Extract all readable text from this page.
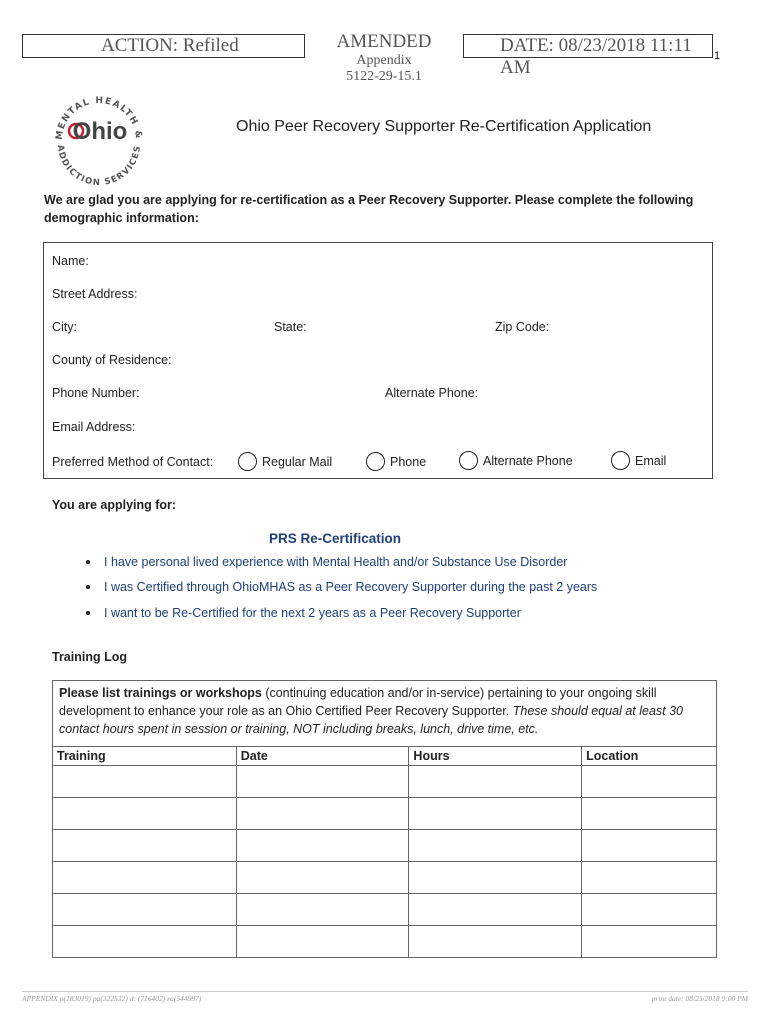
ACTION: Refiled	AMENDED
Appendix
5122-29-15.1
DATE: 08/23/2018 11:11 AM
1
MENTAL HEALTH &
ADDICTION SERVICES
Ohio	Ohio Peer Recovery Supporter Re-Certification Application
We are glad you are applying for re-certification as a Peer Recovery Supporter. Please complete the following demographic information:
Name:
Street Address:
City:	State:	Zip Code:
County of Residence:
Phone Number:	Alternate Phone:
Email Address:
Preferred Method of Contact:	Regular Mail	Phone	Alternate Phone	Email
You are applying for:
PRS Re-Certification
I have personal lived experience with Mental Health and/or Substance Use Disorder
I was Certified through OhioMHAS as a Peer Recovery Supporter during the past 2 years
I want to be Re-Certified for the next 2 years as a Peer Recovery Supporter
Training Log
Please list trainings or workshops (continuing education and/or in-service) pertaining to your ongoing skill development to enhance your role as an Ohio Certified Peer Recovery Supporter. These should equal at least 30 contact hours spent in session or training, NOT including breaks, lunch, drive time, etc.
Training	Date	Hours	Location

APPENDIX p(183019) pa(322532) d: (716402) ra(544997)	print date: 08/23/2018 9:00 PM
